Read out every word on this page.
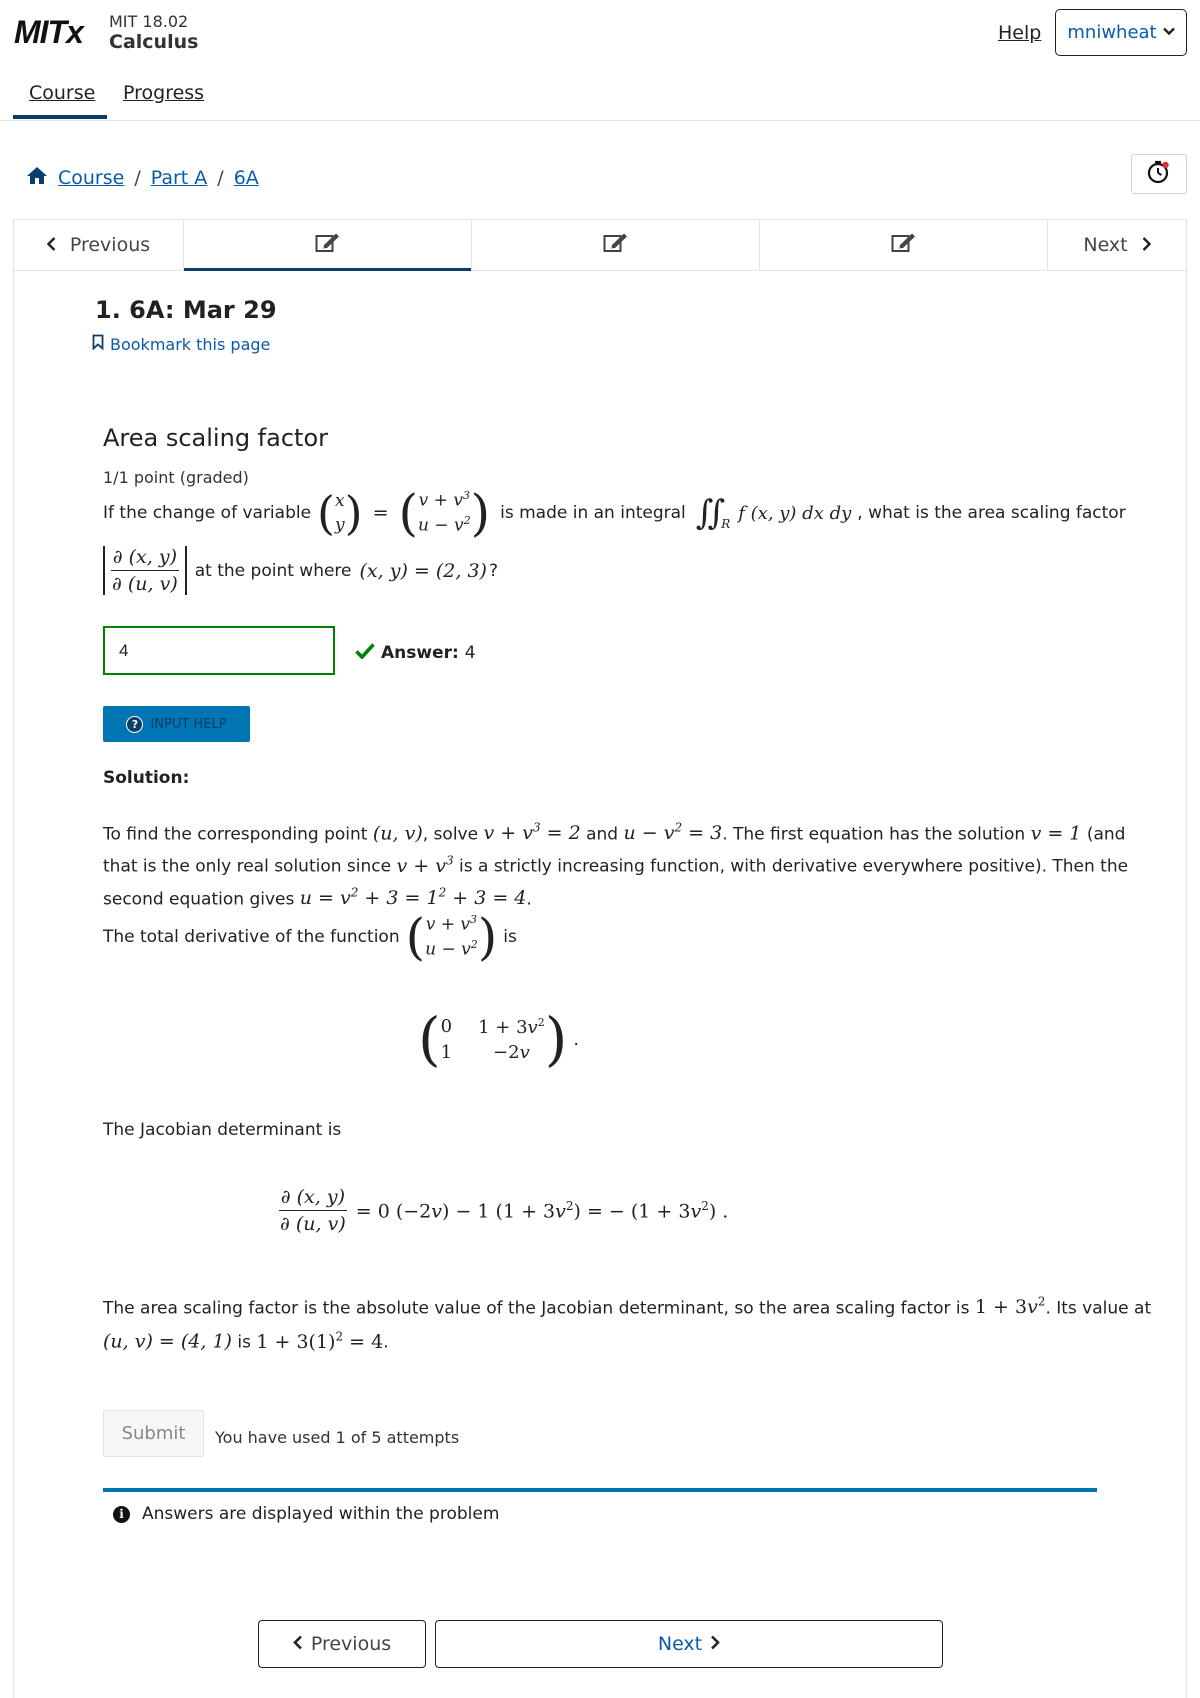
MITx MIT 18.02
Calculus	Help mniwheat
Course Progress
Course / Part A / 6A
Previous	Next
1. 6A: Mar 29
Bookmark this page
Area scaling factor
1/1 point (graded)
If the change of variable ( x
y ) = ( $v + v^3$
$u - v^2$ ) is made in an integral $\int\int_R$
f (x, y) dx dy , what is the area scaling factor
$\frac{\partial (x, y)}{\partial (u, v)}$ at the point where (x, y) = (2, 3) ?
4
Answer: 4
? INPUT HELP
Solution:
To find the corresponding point (u, v), solve $v + v^3 = 2$ and $u - v^2 = 3$. The first equation has the solution v = 1 (and
that is the only real solution since $v + v^3$ is a strictly increasing function, with derivative everywhere positive). Then the
second equation gives $u = v^2 + 3 = 1^2 + 3 = 4$.
The total derivative of the function ( $v + v^3$
$u - v^2$ ) is
( 0 $1 + 3v^2$
1	−2v ) .
The Jacobian determinant is
$\frac{\partial (x, y)}{\partial (u, v)} = 0$ (−2v) − 1 $(1 + 3v^2)$ = − $(1 + 3v^2)$ .
The area scaling factor is the absolute value of the Jacobian determinant, so the area scaling factor is $1 + 3v^2$. Its value at
(u, v) = (4, 1) is $1 + 3(1)^2 = 4$.
Submit	You have used 1 of 5 attempts
i	Answers are displayed within the problem
Previous	Next
